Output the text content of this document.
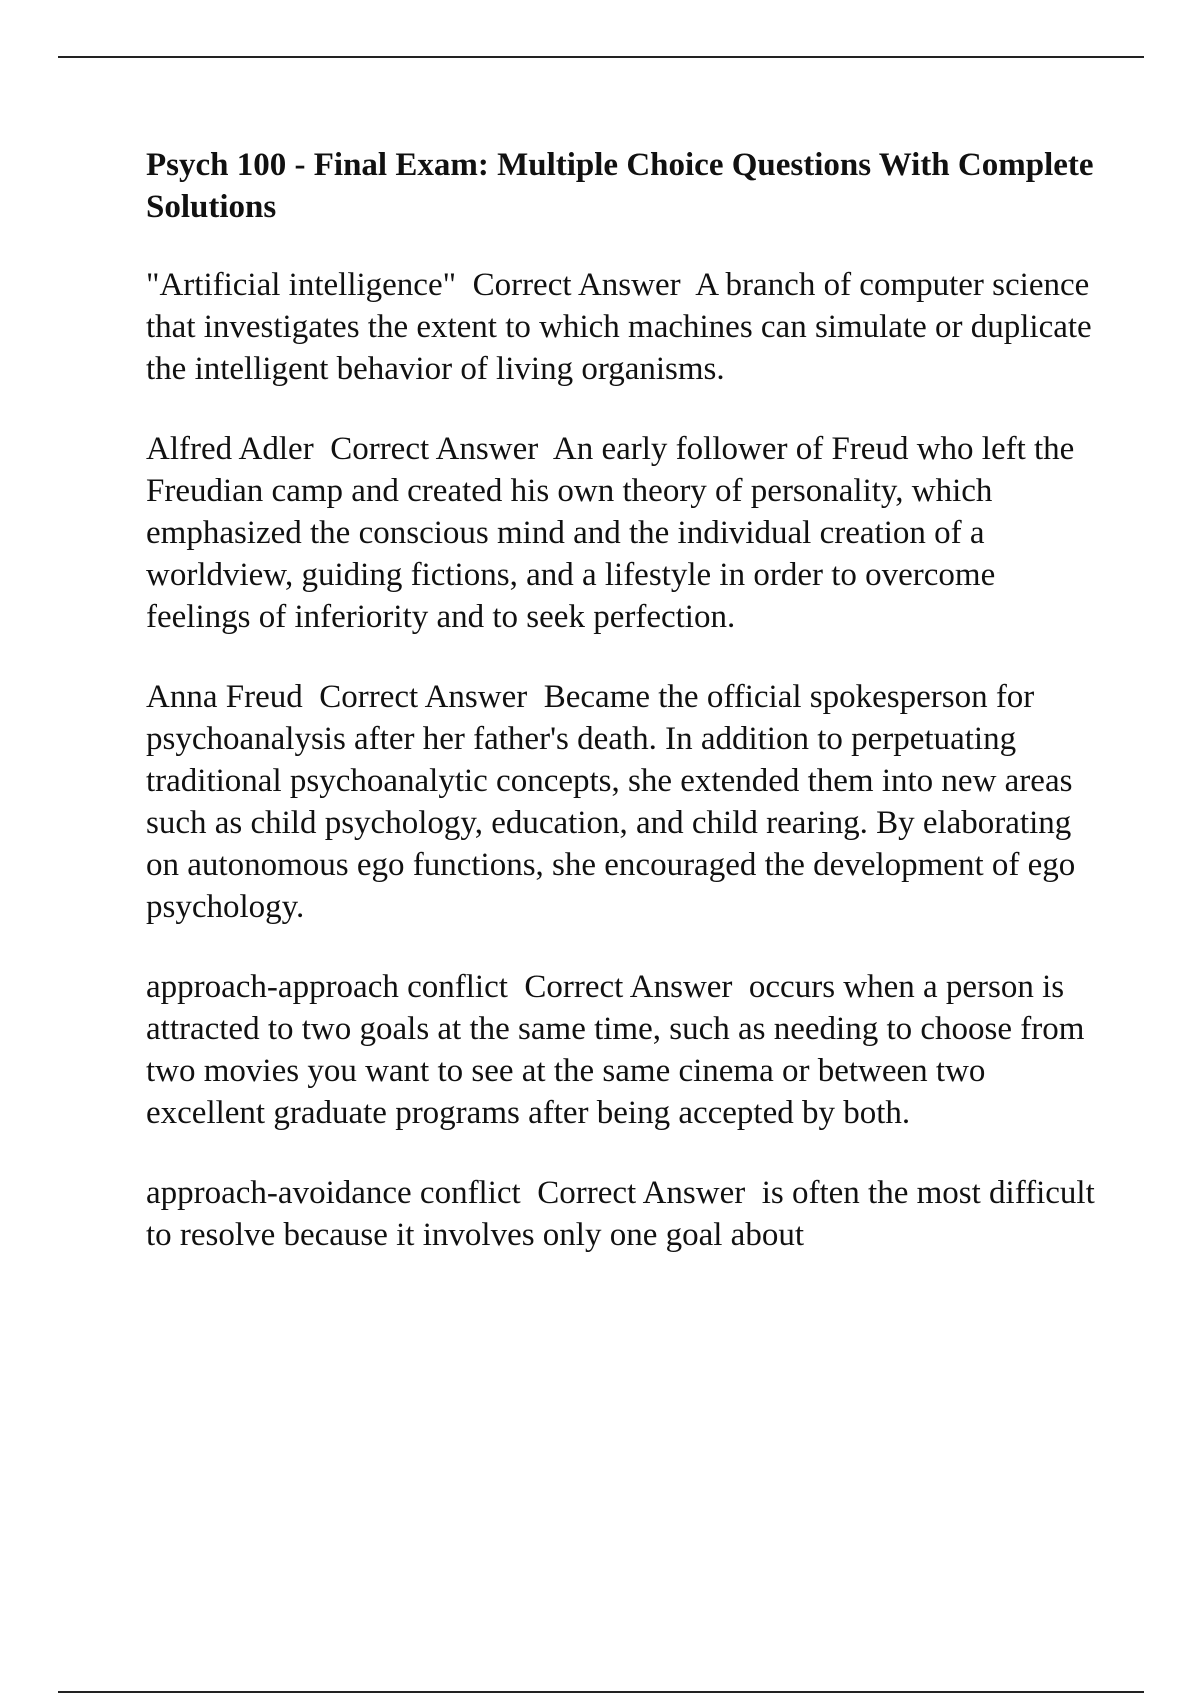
Psych 100 - Final Exam: Multiple Choice Questions With Complete Solutions

"Artificial intelligence"  Correct Answer  A branch of computer science that investigates the extent to which machines can simulate or duplicate the intelligent behavior of living organisms.

Alfred Adler  Correct Answer  An early follower of Freud who left the Freudian camp and created his own theory of personality, which emphasized the conscious mind and the individual creation of a worldview, guiding fictions, and a lifestyle in order to overcome feelings of inferiority and to seek perfection.

Anna Freud  Correct Answer  Became the official spokesperson for psychoanalysis after her father's death. In addition to perpetuating traditional psychoanalytic concepts, she extended them into new areas such as child psychology, education, and child rearing. By elaborating on autonomous ego functions, she encouraged the development of ego psychology.

approach-approach conflict  Correct Answer  occurs when a person is attracted to two goals at the same time, such as needing to choose from two movies you want to see at the same cinema or between two excellent graduate programs after being accepted by both.

approach-avoidance conflict  Correct Answer  is often the most difficult to resolve because it involves only one goal about
